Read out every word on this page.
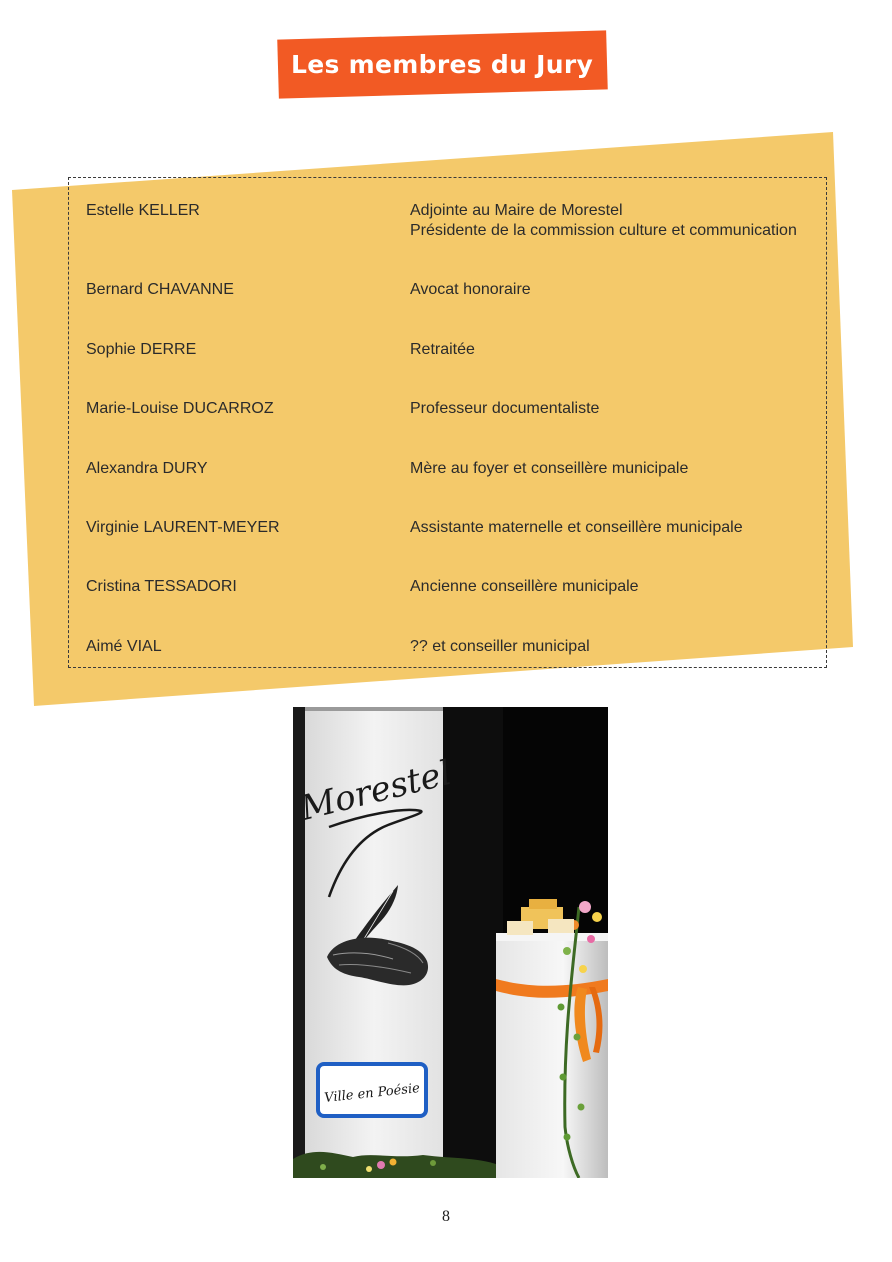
Les membres du Jury
Estelle KELLER	Adjointe au Maire de Morestel
Présidente de la commission culture et communication
Bernard CHAVANNE	Avocat honoraire
Sophie DERRE	Retraitée
Marie-Louise DUCARROZ	Professeur documentaliste
Alexandra DURY	Mère au foyer et conseillère municipale
Virginie LAURENT-MEYER	Assistante maternelle et conseillère municipale
Cristina TESSADORI	Ancienne conseillère municipale
Aimé VIAL	?? et conseiller municipal
Morestel
Ville en Poésie
8
